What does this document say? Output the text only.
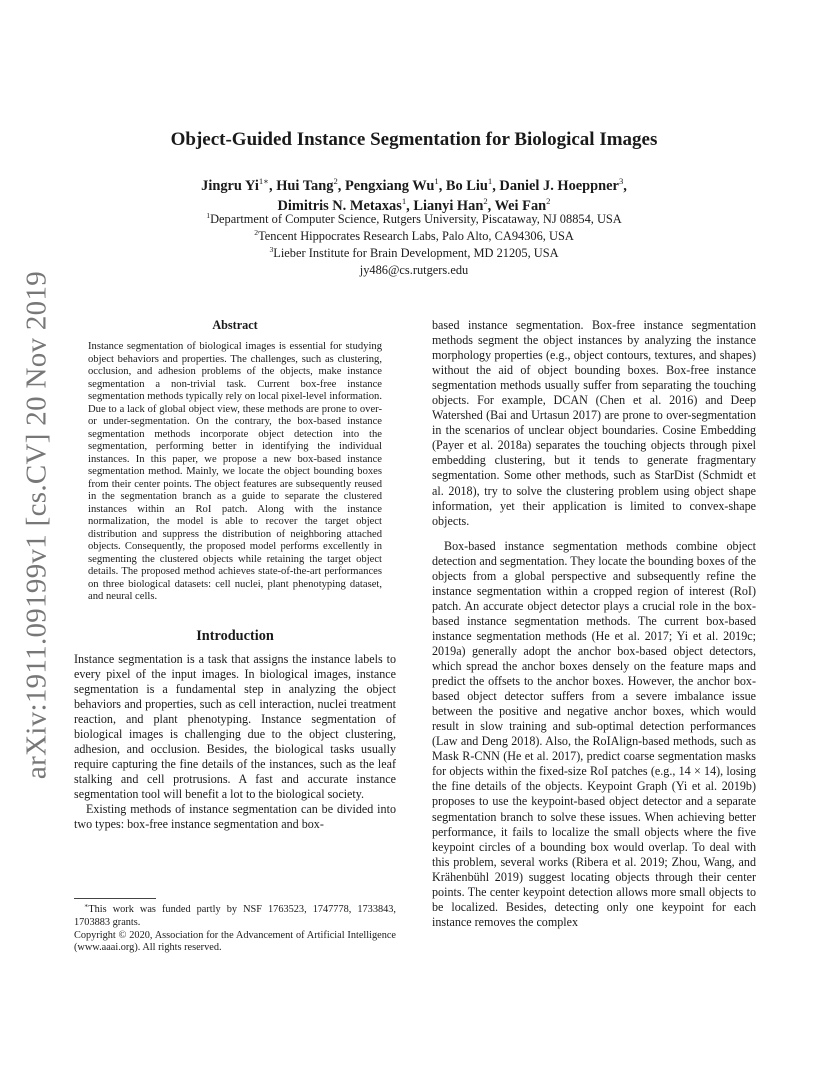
arXiv:1911.09199v1 [cs.CV] 20 Nov 2019
Object-Guided Instance Segmentation for Biological Images
Jingru $Yi^{1∗}$, Hui Tang$^2$, Pengxiang Wu$^1$, Bo Liu$^1$, Daniel J. Hoeppner$^3$,
Dimitris N. Metaxas$^1$, Lianyi Han$^2$, Wei Fan$^2$
$^1$Department of Computer Science, Rutgers University, Piscataway, NJ 08854, USA
$^2$Tencent Hippocrates Research Labs, Palo Alto, CA94306, USA
$^3$Lieber Institute for Brain Development, MD 21205, USA
jy486@cs.rutgers.edu
Abstract

Instance segmentation of biological images is essential for studying object behaviors and properties. The challenges, such as clustering, occlusion, and adhesion problems of the objects, make instance segmentation a non-trivial task. Current box-free instance segmentation methods typically rely on local pixel-level information. Due to a lack of global object view, these methods are prone to over- or under-segmentation. On the contrary, the box-based instance segmentation methods incorporate object detection into the segmentation, performing better in identifying the individual instances. In this paper, we propose a new box-based instance segmentation method. Mainly, we locate the object bounding boxes from their center points. The object features are subsequently reused in the segmentation branch as a guide to separate the clustered instances within an RoI patch. Along with the instance normalization, the model is able to recover the target object distribution and suppress the distribution of neighboring attached objects. Consequently, the proposed model performs excellently in segmenting the clustered objects while retaining the target object details. The proposed method achieves state-of-the-art performances on three biological datasets: cell nuclei, plant phenotyping dataset, and neural cells.

Introduction

Instance segmentation is a task that assigns the instance labels to every pixel of the input images. In biological images, instance segmentation is a fundamental step in analyzing the object behaviors and properties, such as cell interaction, nuclei treatment reaction, and plant phenotyping. Instance segmentation of biological images is challenging due to the object clustering, adhesion, and occlusion. Besides, the biological tasks usually require capturing the fine details of the instances, such as the leaf stalking and cell protrusions. A fast and accurate instance segmentation tool will benefit a lot to the biological society.

Existing methods of instance segmentation can be divided into two types: box-free instance segmentation and box-

∗This work was funded partly by NSF 1763523, 1747778, 1733843, 1703883 grants.

Copyright © 2020, Association for the Advancement of Artificial Intelligence (www.aaai.org). All rights reserved.

based instance segmentation. Box-free instance segmentation methods segment the object instances by analyzing the instance morphology properties (e.g., object contours, textures, and shapes) without the aid of object bounding boxes. Box-free instance segmentation methods usually suffer from separating the touching objects. For example, DCAN (Chen et al. 2016) and Deep Watershed (Bai and Urtasun 2017) are prone to over-segmentation in the scenarios of unclear object boundaries. Cosine Embedding (Payer et al. 2018a) separates the touching objects through pixel embedding clustering, but it tends to generate fragmentary segmentation. Some other methods, such as StarDist (Schmidt et al. 2018), try to solve the clustering problem using object shape information, yet their application is limited to convex-shape objects.

Box-based instance segmentation methods combine object detection and segmentation. They locate the bounding boxes of the objects from a global perspective and subsequently refine the instance segmentation within a cropped region of interest (RoI) patch. An accurate object detector plays a crucial role in the box-based instance segmentation methods. The current box-based instance segmentation methods (He et al. 2017; Yi et al. 2019c; 2019a) generally adopt the anchor box-based object detectors, which spread the anchor boxes densely on the feature maps and predict the offsets to the anchor boxes. However, the anchor box-based object detector suffers from a severe imbalance issue between the positive and negative anchor boxes, which would result in slow training and sub-optimal detection performances (Law and Deng 2018). Also, the RoIAlign-based methods, such as Mask R-CNN (He et al. 2017), predict coarse segmentation masks for objects within the fixed-size RoI patches (e.g., 14 × 14), losing the fine details of the objects. Keypoint Graph (Yi et al. 2019b) proposes to use the keypoint-based object detector and a separate segmentation branch to solve these issues. When achieving better performance, it fails to localize the small objects where the five keypoint circles of a bounding box would overlap. To deal with this problem, several works (Ribera et al. 2019; Zhou, Wang, and Krähenbühl 2019) suggest locating objects through their center points. The center keypoint detection allows more small objects to be localized. Besides, detecting only one keypoint for each instance removes the complex
